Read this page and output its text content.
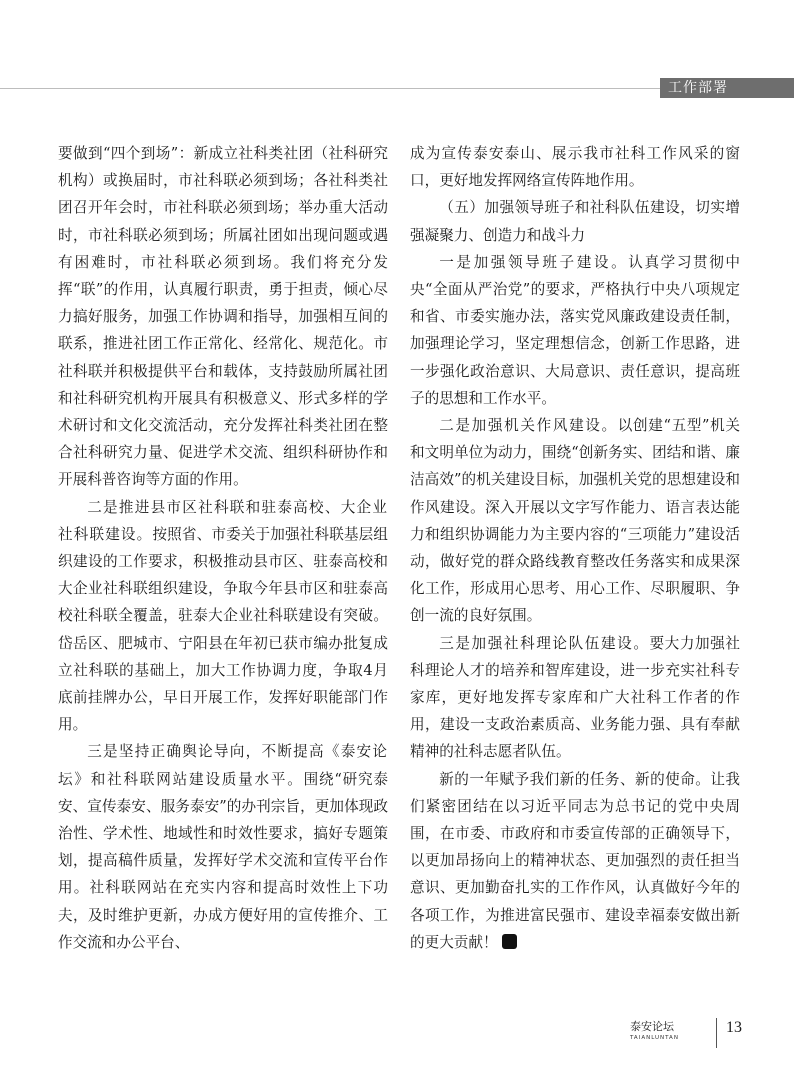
工作部署

要做到“四个到场”：新成立社科类社团（社科研究机构）或换届时，市社科联必须到场；各社科类社团召开年会时，市社科联必须到场；举办重大活动时，市社科联必须到场；所属社团如出现问题或遇有困难时，市社科联必须到场。我们将充分发挥“联”的作用，认真履行职责，勇于担责，倾心尽力搞好服务，加强工作协调和指导，加强相互间的联系，推进社团工作正常化、经常化、规范化。市社科联并积极提供平台和载体，支持鼓励所属社团和社科研究机构开展具有积极意义、形式多样的学术研讨和文化交流活动，充分发挥社科类社团在整合社科研究力量、促进学术交流、组织科研协作和开展科普咨询等方面的作用。

二是推进县市区社科联和驻泰高校、大企业社科联建设。按照省、市委关于加强社科联基层组织建设的工作要求，积极推动县市区、驻泰高校和大企业社科联组织建设，争取今年县市区和驻泰高校社科联全覆盖，驻泰大企业社科联建设有突破。岱岳区、肥城市、宁阳县在年初已获市编办批复成立社科联的基础上，加大工作协调力度，争取4月底前挂牌办公，早日开展工作，发挥好职能部门作用。

三是坚持正确舆论导向，不断提高《泰安论坛》和社科联网站建设质量水平。围绕“研究泰安、宣传泰安、服务泰安”的办刊宗旨，更加体现政治性、学术性、地域性和时效性要求，搞好专题策划，提高稿件质量，发挥好学术交流和宣传平台作用。社科联网站在充实内容和提高时效性上下功夫，及时维护更新，办成方便好用的宣传推介、工作交流和办公平台、

成为宣传泰安泰山、展示我市社科工作风采的窗口，更好地发挥网络宣传阵地作用。

（五）加强领导班子和社科队伍建设，切实增强凝聚力、创造力和战斗力

一是加强领导班子建设。认真学习贯彻中央“全面从严治党”的要求，严格执行中央八项规定和省、市委实施办法，落实党风廉政建设责任制，加强理论学习，坚定理想信念，创新工作思路，进一步强化政治意识、大局意识、责任意识，提高班子的思想和工作水平。

二是加强机关作风建设。以创建“五型”机关和文明单位为动力，围绕“创新务实、团结和谐、廉洁高效”的机关建设目标，加强机关党的思想建设和作风建设。深入开展以文字写作能力、语言表达能力和组织协调能力为主要内容的“三项能力”建设活动，做好党的群众路线教育整改任务落实和成果深化工作，形成用心思考、用心工作、尽职履职、争创一流的良好氛围。

三是加强社科理论队伍建设。要大力加强社科理论人才的培养和智库建设，进一步充实社科专家库，更好地发挥专家库和广大社科工作者的作用，建设一支政治素质高、业务能力强、具有奉献精神的社科志愿者队伍。

新的一年赋予我们新的任务、新的使命。让我们紧密团结在以习近平同志为总书记的党中央周围，在市委、市政府和市委宣传部的正确领导下，以更加昂扬向上的精神状态、更加强烈的责任担当意识、更加勤奋扎实的工作作风，认真做好今年的各项工作，为推进富民强市、建设幸福泰安做出新的更大贡献！

泰安论坛
TAIANLUNTAN
13
